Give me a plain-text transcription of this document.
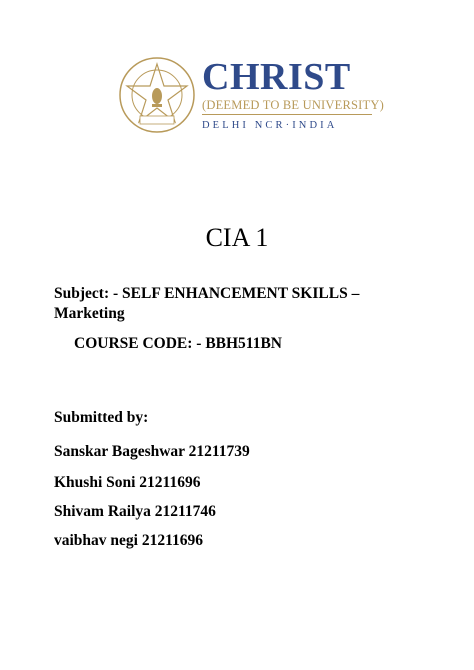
CHRIST
(DEEMED TO BE UNIVERSITY)
DELHI NCR·INDIA
CIA 1
Subject: - SELF ENHANCEMENT SKILLS – Marketing
COURSE CODE: - BBH511BN
Submitted by:
Sanskar Bageshwar 21211739
Khushi Soni 21211696
Shivam Railya 21211746
vaibhav negi 21211696
